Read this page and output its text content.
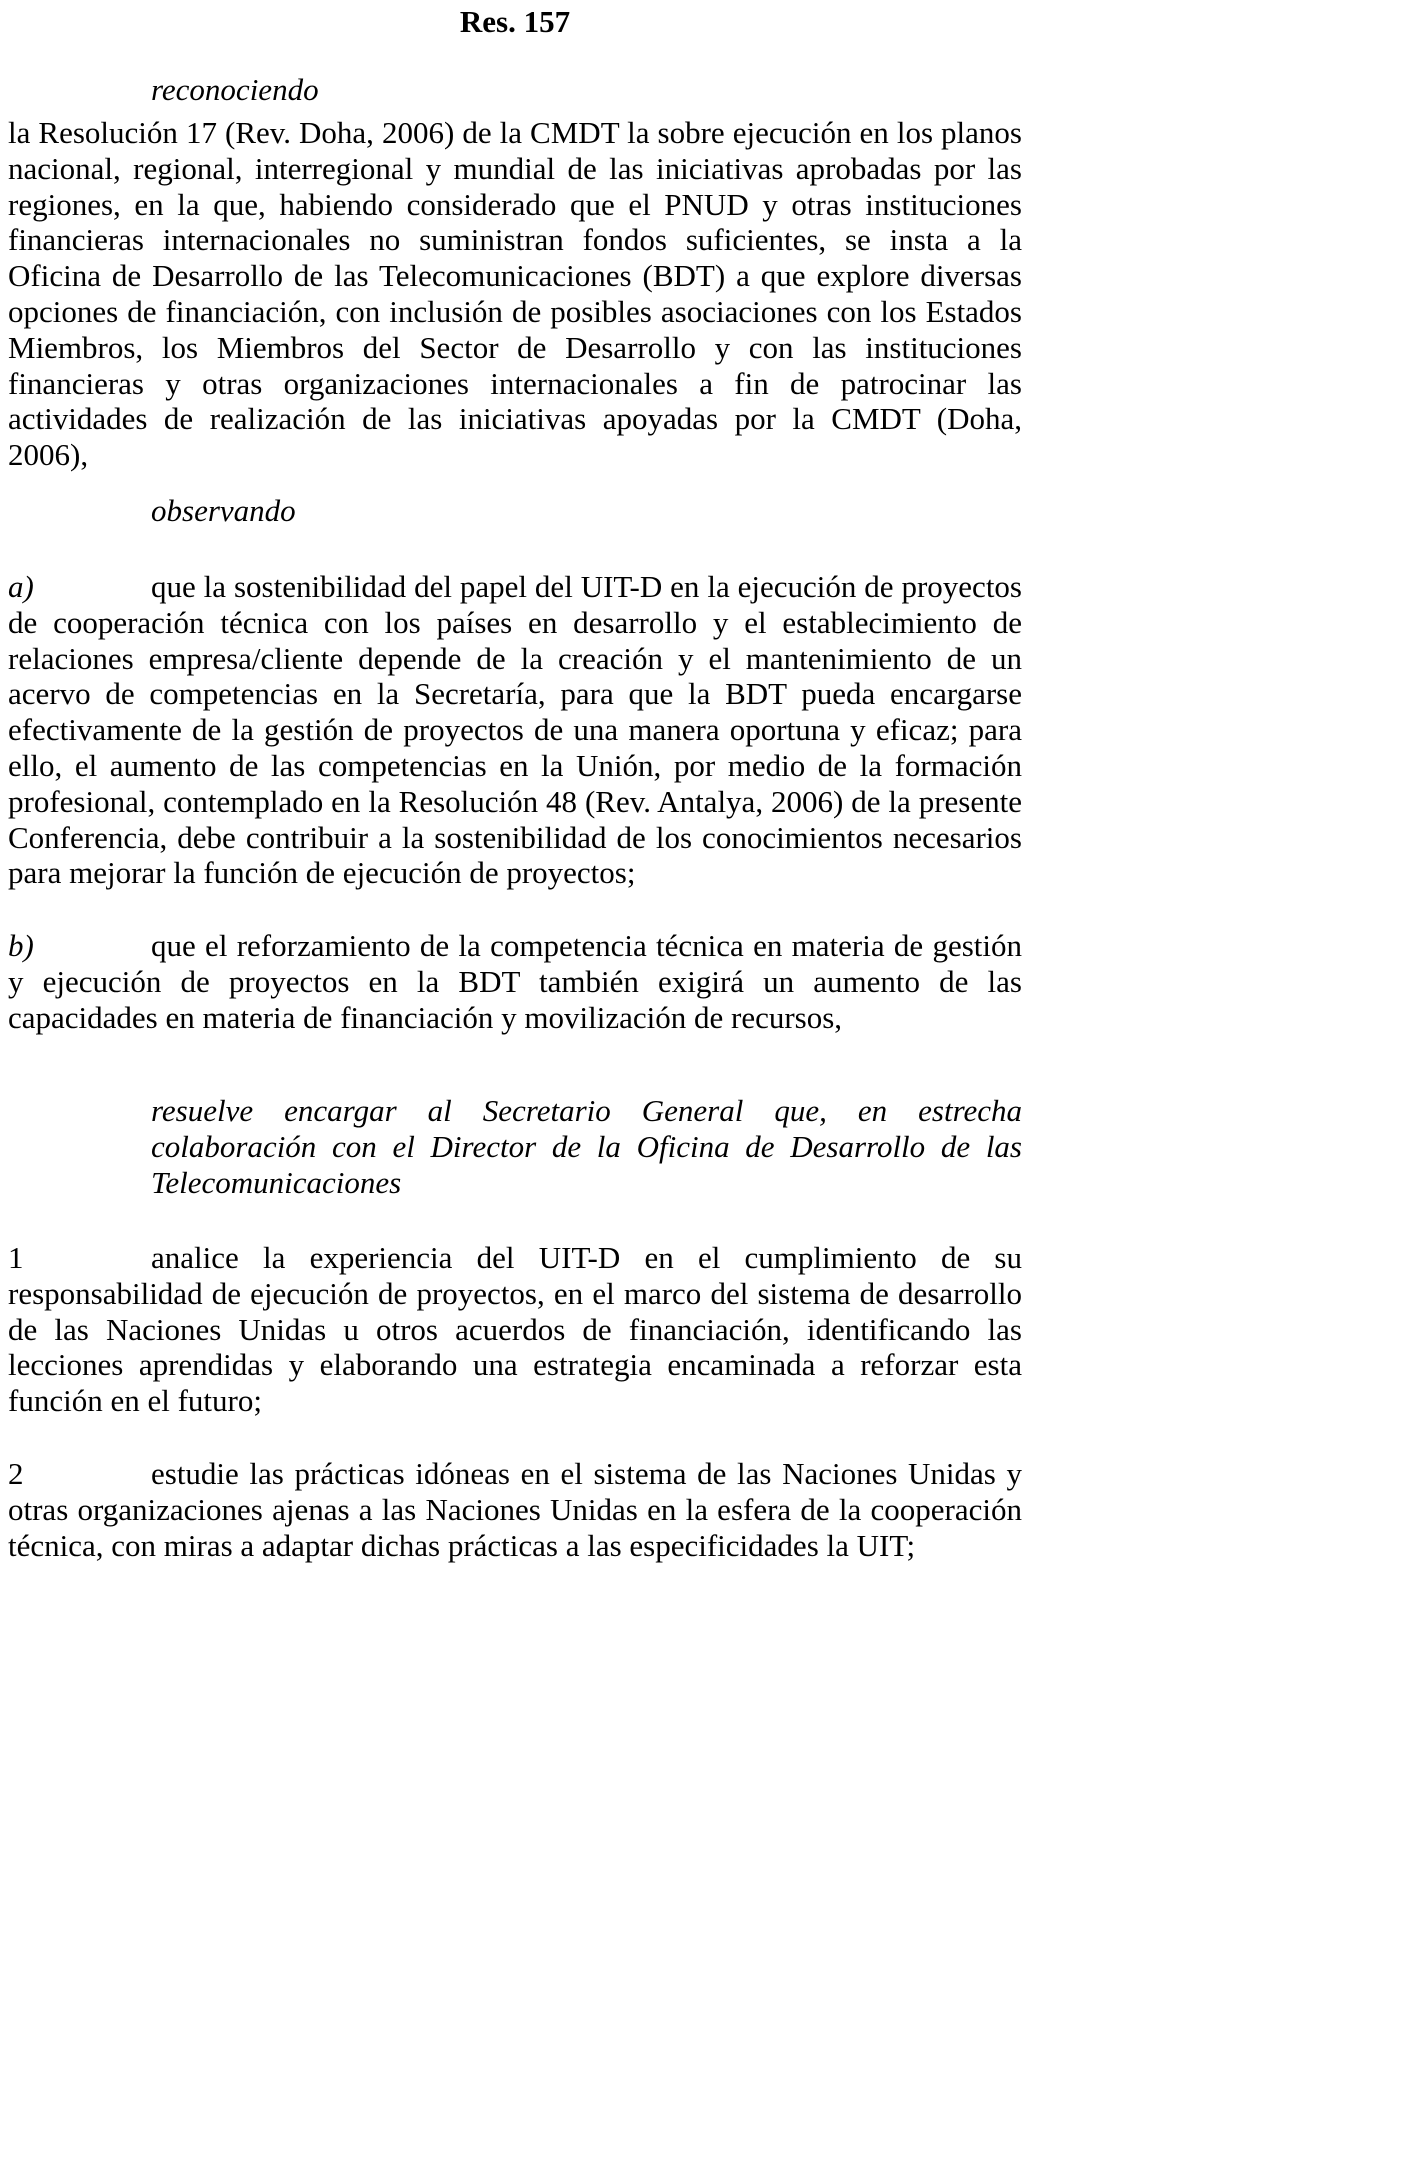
Res. 157

reconociendo

la Resolución 17 (Rev. Doha, 2006) de la CMDT la sobre ejecución en los planos nacional, regional, interregional y mundial de las iniciativas aprobadas por las regiones, en la que, habiendo considerado que el PNUD y otras instituciones financieras internacionales no suministran fondos suficientes, se insta a la Oficina de Desarrollo de las Telecomunicaciones (BDT) a que explore diversas opciones de financiación, con inclusión de posibles asociaciones con los Estados Miembros, los Miembros del Sector de Desarrollo y con las instituciones financieras y otras organizaciones internacionales a fin de patrocinar las actividades de realización de las iniciativas apoyadas por la CMDT (Doha, 2006),

observando

a)	que la sostenibilidad del papel del UIT-D en la ejecución de proyectos de cooperación técnica con los países en desarrollo y el establecimiento de relaciones empresa/cliente depende de la creación y el mantenimiento de un acervo de competencias en la Secretaría, para que la BDT pueda encargarse efectivamente de la gestión de proyectos de una manera oportuna y eficaz; para ello, el aumento de las competencias en la Unión, por medio de la formación profesional, contemplado en la Resolución 48 (Rev. Antalya, 2006) de la presente Conferencia, debe contribuir a la sostenibilidad de los conocimientos necesarios para mejorar la función de ejecución de proyectos;

b)	que el reforzamiento de la competencia técnica en materia de gestión y ejecución de proyectos en la BDT también exigirá un aumento de las capacidades en materia de financiación y movilización de recursos,

resuelve encargar al Secretario General que, en estrecha colaboración con el Director de la Oficina de Desarrollo de las Telecomunicaciones

1	analice la experiencia del UIT-D en el cumplimiento de su responsabilidad de ejecución de proyectos, en el marco del sistema de desarrollo de las Naciones Unidas u otros acuerdos de financiación, identificando las lecciones aprendidas y elaborando una estrategia encaminada a reforzar esta función en el futuro;

2	estudie las prácticas idóneas en el sistema de las Naciones Unidas y otras organizaciones ajenas a las Naciones Unidas en la esfera de la cooperación técnica, con miras a adaptar dichas prácticas a las especificidades la UIT;
